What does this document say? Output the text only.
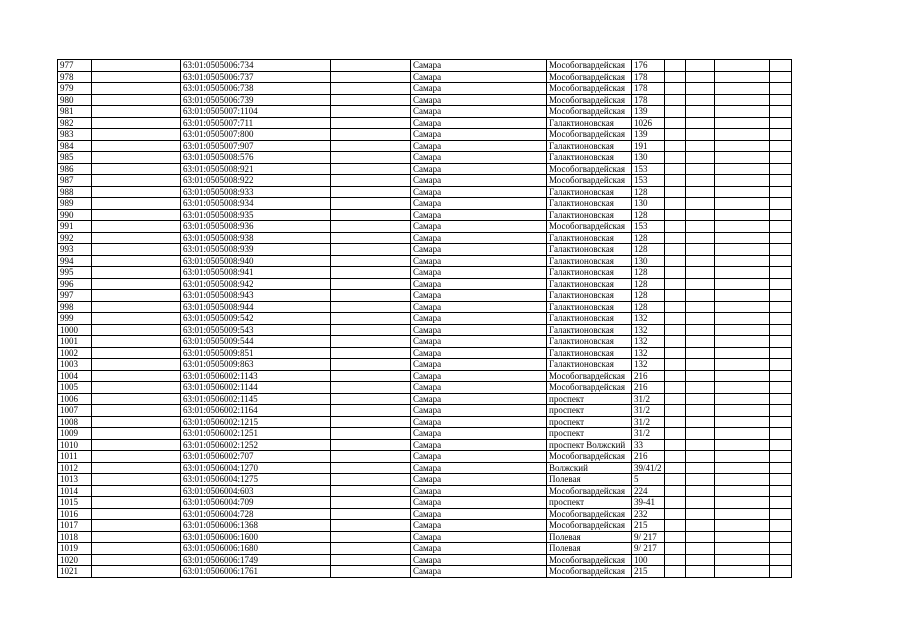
977		63:01:0505006:734		Самара	Мособогвардейская	176				
978		63:01:0505006:737		Самара	Мособогвардейская	178				
979		63:01:0505006:738		Самара	Мособогвардейская	178				
980		63:01:0505006:739		Самара	Мособогвардейская	178				
981		63:01:0505007:1104		Самара	Мособогвардейская	139				
982		63:01:0505007:711		Самара	Галактионовская	1026				
983		63:01:0505007:800		Самара	Мособогвардейская	139				
984		63:01:0505007:907		Самара	Галактионовская	191				
985		63:01:0505008:576		Самара	Галактионовская	130				
986		63:01:0505008:921		Самара	Мособогвардейская	153				
987		63:01:0505008:922		Самара	Мособогвардейская	153				
988		63:01:0505008:933		Самара	Галактионовская	128				
989		63:01:0505008:934		Самара	Галактионовская	130				
990		63:01:0505008:935		Самара	Галактионовская	128				
991		63:01:0505008:936		Самара	Мособогвардейская	153				
992		63:01:0505008:938		Самара	Галактионовская	128				
993		63:01:0505008:939		Самара	Галактионовская	128				
994		63:01:0505008:940		Самара	Галактионовская	130				
995		63:01:0505008:941		Самара	Галактионовская	128				
996		63:01:0505008:942		Самара	Галактионовская	128				
997		63:01:0505008:943		Самара	Галактионовская	128				
998		63:01:0505008:944		Самара	Галактионовская	128				
999		63:01:0505009:542		Самара	Галактионовская	132				
1000		63:01:0505009:543		Самара	Галактионовская	132				
1001		63:01:0505009:544		Самара	Галактионовская	132				
1002		63:01:0505009:851		Самара	Галактионовская	132				
1003		63:01:0505009:863		Самара	Галактионовская	132				
1004		63:01:0506002:1143		Самара	Мособогвардейская	216				
1005		63:01:0506002:1144		Самара	Мособогвардейская	216				
1006		63:01:0506002:1145		Самара	проспект	31/2				
1007		63:01:0506002:1164		Самара	проспект	31/2				
1008		63:01:0506002:1215		Самара	проспект	31/2				
1009		63:01:0506002:1251		Самара	проспект	31/2				
1010		63:01:0506002:1252		Самара	проспект Волжский	33				
1011		63:01:0506002:707		Самара	Мособогвардейская	216				
1012		63:01:0506004:1270		Самара	Волжский	39/41/2				
1013		63:01:0506004:1275		Самара	Полевая	5				
1014		63:01:0506004:603		Самара	Мособогвардейская	224				
1015		63:01:0506004:709		Самара	проспект	39-41				
1016		63:01:0506004:728		Самара	Мособогвардейская	232				
1017		63:01:0506006:1368		Самара	Мособогвардейская	215				
1018		63:01:0506006:1600		Самара	Полевая	9/ 217				
1019		63:01:0506006:1680		Самара	Полевая	9/ 217				
1020		63:01:0506006:1749		Самара	Мособогвардейская	100				
1021		63:01:0506006:1761		Самара	Мособогвардейская	215				
